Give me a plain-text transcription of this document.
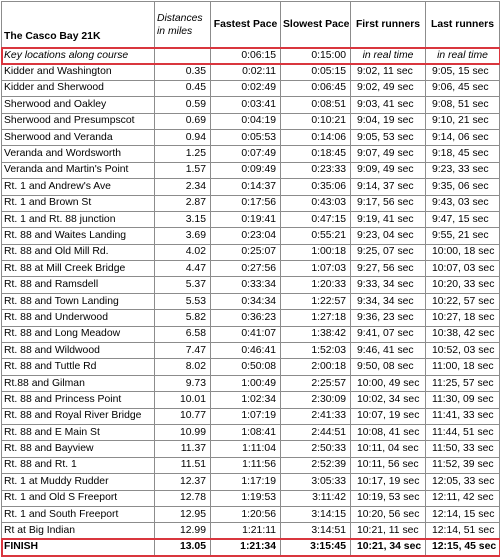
The Casco Bay 21K	Distances in miles	Fastest Pace	Slowest Pace	First runners	Last runners
Key locations along course		0:06:15	0:15:00	in real time	in real time
Kidder and Washington	0.35	0:02:11	0:05:15	9:02, 11 sec	9:05, 15 sec
Kidder and Sherwood	0.45	0:02:49	0:06:45	9:02, 49 sec	9:06, 45 sec
Sherwood and Oakley	0.59	0:03:41	0:08:51	9:03, 41 sec	9:08, 51 sec
Sherwood and Presumpscot	0.69	0:04:19	0:10:21	9:04, 19 sec	9:10, 21 sec
Sherwood and Veranda	0.94	0:05:53	0:14:06	9:05, 53 sec	9:14, 06 sec
Veranda and Wordsworth	1.25	0:07:49	0:18:45	9:07, 49 sec	9:18, 45 sec
Veranda and Martin's Point	1.57	0:09:49	0:23:33	9:09, 49 sec	9:23, 33 sec
Rt. 1 and Andrew's Ave	2.34	0:14:37	0:35:06	9:14, 37 sec	9:35, 06 sec
Rt. 1 and Brown St	2.87	0:17:56	0:43:03	9:17, 56 sec	9:43, 03 sec
Rt. 1 and Rt. 88 junction	3.15	0:19:41	0:47:15	9:19, 41 sec	9:47, 15 sec
Rt. 88 and Waites Landing	3.69	0:23:04	0:55:21	9:23, 04 sec	9:55, 21 sec
Rt. 88 and Old Mill Rd.	4.02	0:25:07	1:00:18	9:25, 07 sec	10:00, 18 sec
Rt. 88 at Mill Creek Bridge	4.47	0:27:56	1:07:03	9:27, 56 sec	10:07, 03 sec
Rt. 88 and Ramsdell	5.37	0:33:34	1:20:33	9:33, 34 sec	10:20, 33 sec
Rt. 88 and Town Landing	5.53	0:34:34	1:22:57	9:34, 34 sec	10:22, 57 sec
Rt. 88 and Underwood	5.82	0:36:23	1:27:18	9:36, 23 sec	10:27, 18 sec
Rt. 88 and Long Meadow	6.58	0:41:07	1:38:42	9:41, 07 sec	10:38, 42 sec
Rt. 88 and Wildwood	7.47	0:46:41	1:52:03	9:46, 41 sec	10:52, 03 sec
Rt. 88 and Tuttle Rd	8.02	0:50:08	2:00:18	9:50, 08 sec	11:00, 18 sec
Rt.88 and Gilman	9.73	1:00:49	2:25:57	10:00, 49 sec	11:25, 57 sec
Rt. 88 and Princess Point	10.01	1:02:34	2:30:09	10:02, 34 sec	11:30, 09 sec
Rt. 88 and Royal River Bridge	10.77	1:07:19	2:41:33	10:07, 19 sec	11:41, 33 sec
Rt. 88 and E Main St	10.99	1:08:41	2:44:51	10:08, 41 sec	11:44, 51 sec
Rt. 88 and Bayview	11.37	1:11:04	2:50:33	10:11, 04 sec	11:50, 33 sec
Rt. 88 and Rt. 1	11.51	1:11:56	2:52:39	10:11, 56 sec	11:52, 39 sec
Rt. 1 at Muddy Rudder	12.37	1:17:19	3:05:33	10:17, 19 sec	12:05, 33 sec
Rt. 1 and Old S Freeport	12.78	1:19:53	3:11:42	10:19, 53 sec	12:11, 42 sec
Rt. 1 and South Freeport	12.95	1:20:56	3:14:15	10:20, 56 sec	12:14, 15 sec
Rt at Big Indian	12.99	1:21:11	3:14:51	10:21, 11 sec	12:14, 51 sec
FINISH	13.05	1:21:34	3:15:45	10:21, 34 sec	12:15, 45 sec
